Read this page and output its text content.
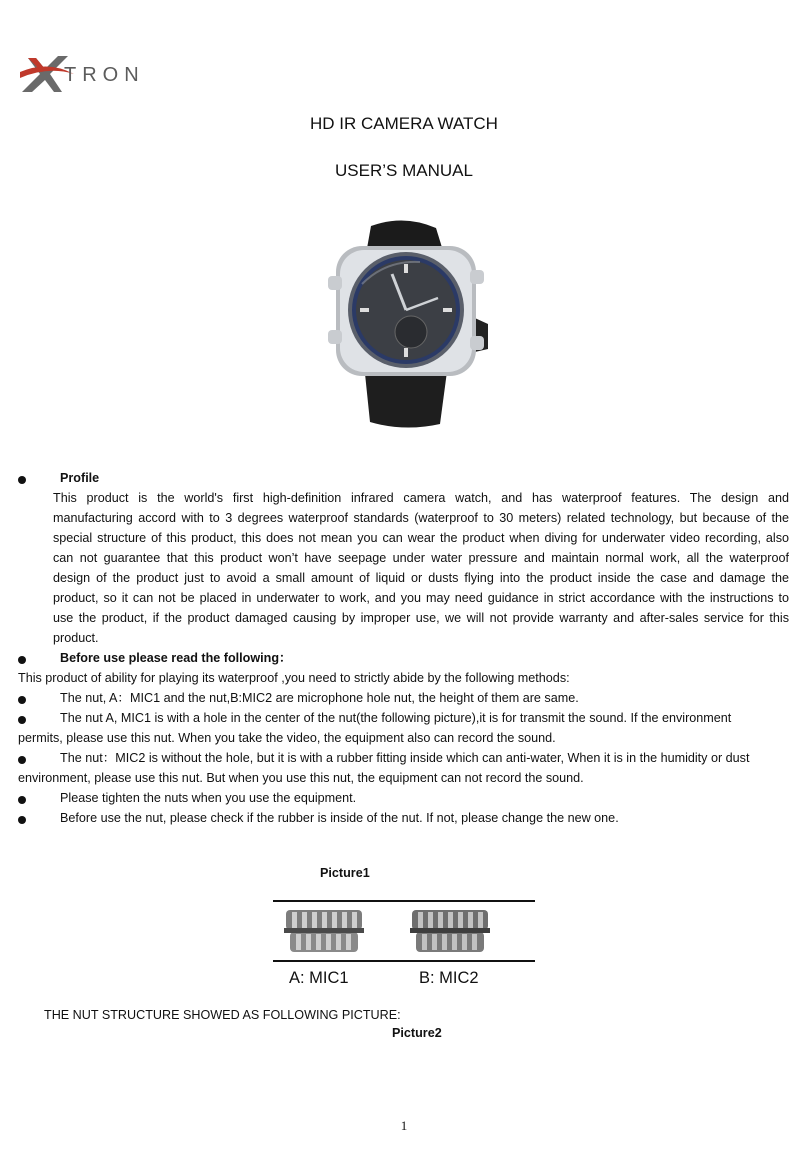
TRON
HD IR CAMERA WATCH
USER’S MANUAL
Profile
This product is the world's first high-definition infrared camera watch, and has waterproof features. The design and
manufacturing accord with to 3 degrees waterproof standards (waterproof to 30 meters) related technology, but because of the
special structure of this product, this does not mean you can wear the product when diving for underwater video recording, also
can not guarantee that this product won’t have seepage under water pressure and maintain normal work, all the waterproof
design of the product just to avoid a small amount of liquid or dusts flying into the product inside the case and damage the
product, so it can not be placed in underwater to work, and you may need guidance in strict accordance with the instructions to
use the product, if the product damaged causing by improper use, we will not provide warranty and after-sales service for this
product.
Before use please read the following：
This product of ability for playing its waterproof ,you need to strictly abide by the following methods:
The nut, A：MIC1 and the nut,B:MIC2 are microphone hole nut, the height of them are same.
The nut A, MIC1 is with a hole in the center of the nut(the following picture),it is for transmit the sound. If the environment
permits, please use this nut. When you take the video, the equipment also can record the sound.
The nut：MIC2 is without the hole, but it is with a rubber fitting inside which can anti-water, When it is in the humidity or dust
environment, please use this nut. But when you use this nut, the equipment can not record the sound.
Please tighten the nuts when you use the equipment.
Before use the nut, please check if the rubber is inside of the nut. If not, please change the new one.
Picture1
A: MIC1	B: MIC2
THE NUT STRUCTURE SHOWED AS FOLLOWING PICTURE:
Picture2
1
